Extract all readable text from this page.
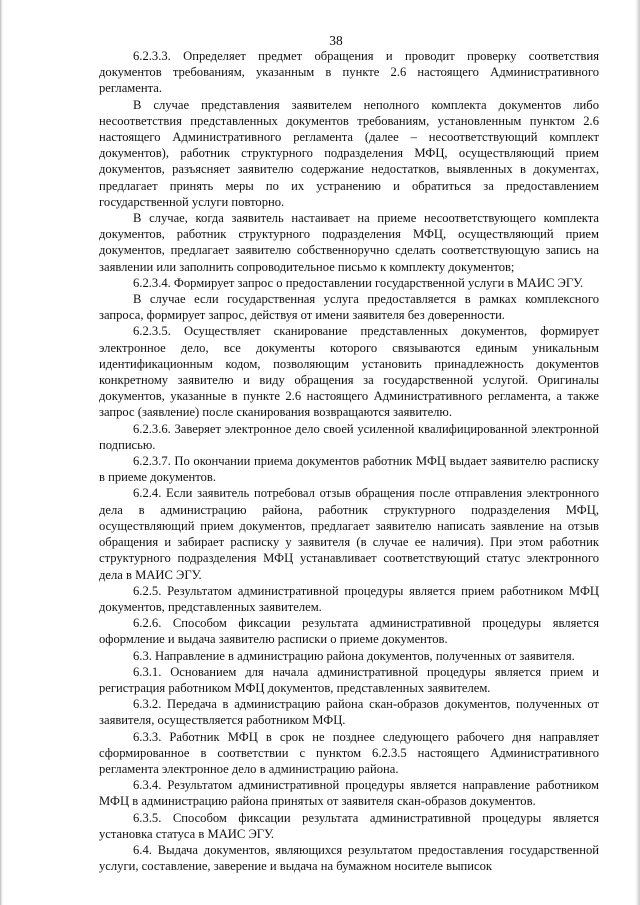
38

6.2.3.3. Определяет предмет обращения и проводит проверку соответствия документов требованиям, указанным в пункте 2.6 настоящего Административного регламента.

В случае представления заявителем неполного комплекта документов либо несоответствия представленных документов требованиям, установленным пунктом 2.6 настоящего Административного регламента (далее – несоответствующий комплект документов), работник структурного подразделения МФЦ, осуществляющий прием документов, разъясняет заявителю содержание недостатков, выявленных в документах, предлагает принять меры по их устранению и обратиться за предоставлением государственной услуги повторно.

В случае, когда заявитель настаивает на приеме несоответствующего комплекта документов, работник структурного подразделения МФЦ, осуществляющий прием документов, предлагает заявителю собственноручно сделать соответствующую запись на заявлении или заполнить сопроводительное письмо к комплекту документов;

6.2.3.4. Формирует запрос о предоставлении государственной услуги в МАИС ЭГУ.

В случае если государственная услуга предоставляется в рамках комплексного запроса, формирует запрос, действуя от имени заявителя без доверенности.

6.2.3.5. Осуществляет сканирование представленных документов, формирует электронное дело, все документы которого связываются единым уникальным идентификационным кодом, позволяющим установить принадлежность документов конкретному заявителю и виду обращения за государственной услугой. Оригиналы документов, указанные в пункте 2.6 настоящего Административного регламента, а также запрос (заявление) после сканирования возвращаются заявителю.

6.2.3.6. Заверяет электронное дело своей усиленной квалифицированной электронной подписью.

6.2.3.7. По окончании приема документов работник МФЦ выдает заявителю расписку в приеме документов.

6.2.4. Если заявитель потребовал отзыв обращения после отправления электронного дела в администрацию района, работник структурного подразделения МФЦ, осуществляющий прием документов, предлагает заявителю написать заявление на отзыв обращения и забирает расписку у заявителя (в случае ее наличия). При этом работник структурного подразделения МФЦ устанавливает соответствующий статус электронного дела в МАИС ЭГУ.

6.2.5. Результатом административной процедуры является прием работником МФЦ документов, представленных заявителем.

6.2.6. Способом фиксации результата административной процедуры является оформление и выдача заявителю расписки о приеме документов.

6.3. Направление в администрацию района документов, полученных от заявителя.

6.3.1. Основанием для начала административной процедуры является прием и регистрация работником МФЦ документов, представленных заявителем.

6.3.2. Передача в администрацию района скан-образов документов, полученных от заявителя, осуществляется работником МФЦ.

6.3.3. Работник МФЦ в срок не позднее следующего рабочего дня направляет сформированное в соответствии с пунктом 6.2.3.5 настоящего Административного регламента электронное дело в администрацию района.

6.3.4. Результатом административной процедуры является направление работником МФЦ в администрацию района принятых от заявителя скан-образов документов.

6.3.5. Способом фиксации результата административной процедуры является установка статуса в МАИС ЭГУ.

6.4. Выдача документов, являющихся результатом предоставления государственной услуги, составление, заверение и выдача на бумажном носителе выписок
